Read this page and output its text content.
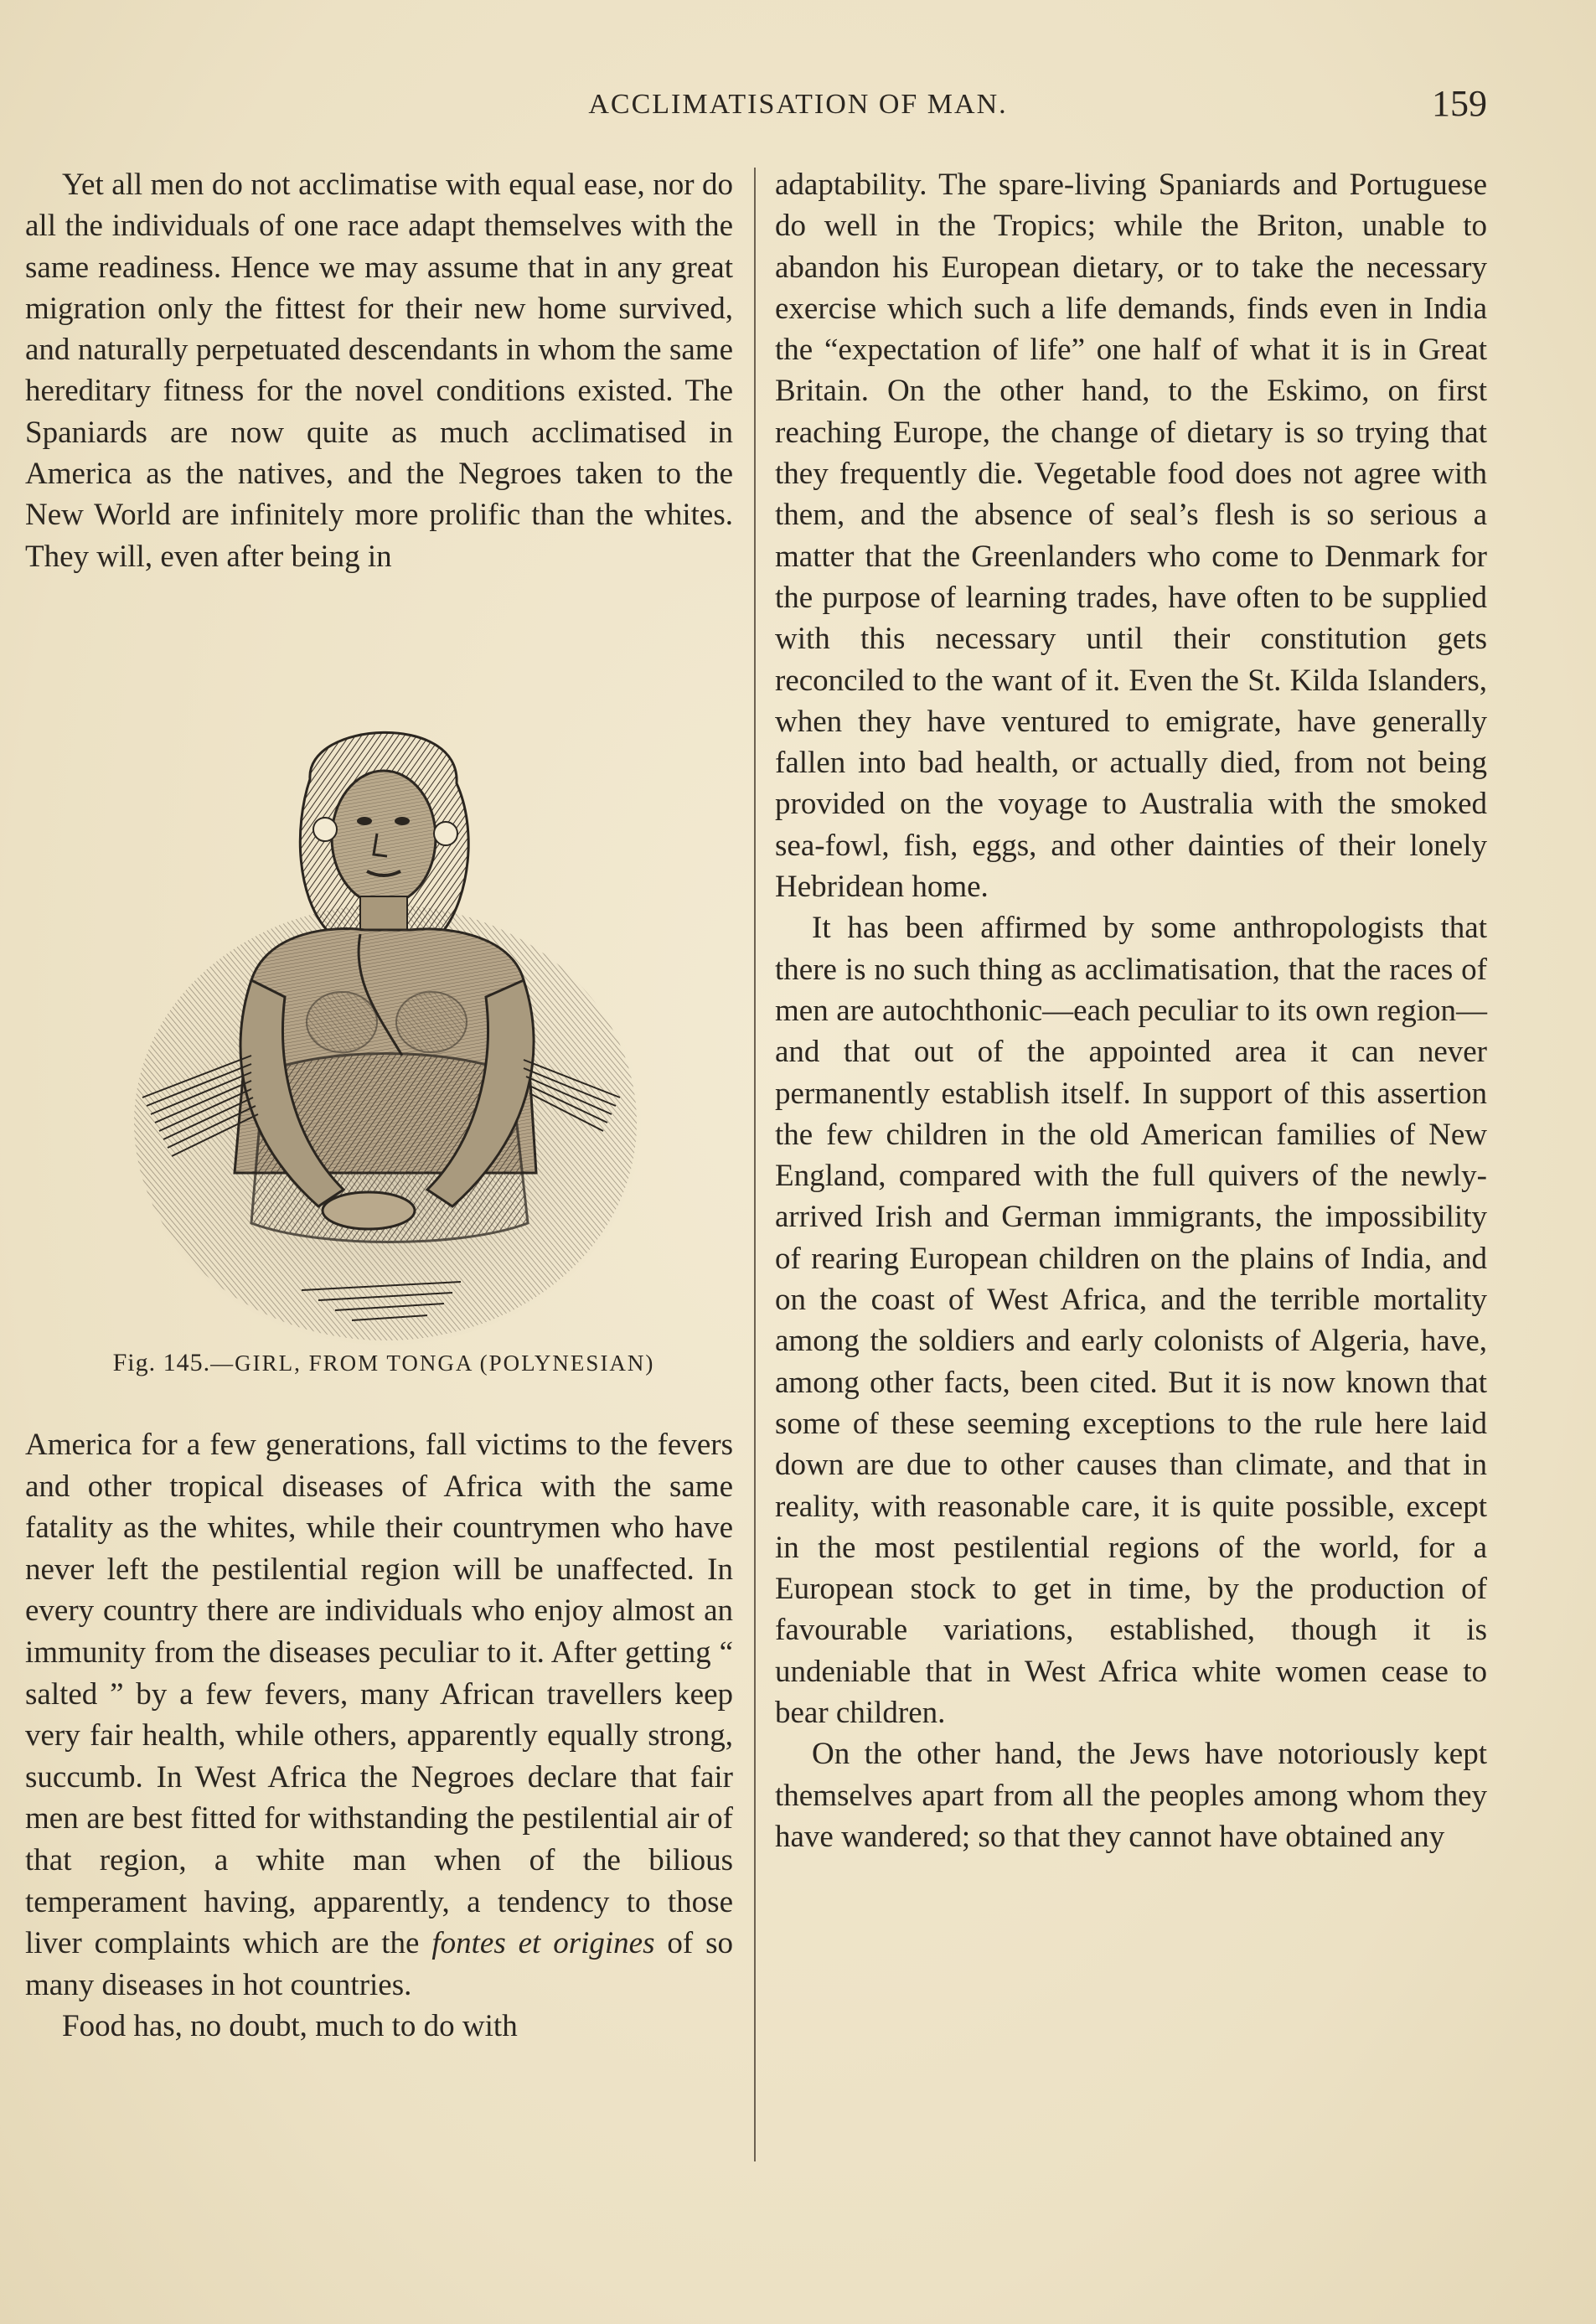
ACCLIMATISATION OF MAN.	159

Yet all men do not acclimatise with equal ease, nor do all the individuals of one race adapt themselves with the same readiness. Hence we may assume that in any great migration only the fittest for their new home survived, and naturally perpetuated descendants in whom the same hereditary fitness for the novel conditions existed. The Spaniards are now quite as much acclimatised in America as the natives, and the Negroes taken to the New World are infinitely more prolific than the whites. They will, even after being in

Fig. 145.—GIRL, FROM TONGA (POLYNESIAN)

America for a few generations, fall victims to the fevers and other tropical diseases of Africa with the same fatality as the whites, while their countrymen who have never left the pestilential region will be unaffected. In every country there are individuals who enjoy almost an immunity from the diseases peculiar to it. After getting “ salted ” by a few fevers, many African travellers keep very fair health, while others, apparently equally strong, succumb. In West Africa the Negroes declare that fair men are best fitted for withstanding the pestilential air of that region, a white man when of the bilious temperament having, apparently, a tendency to those liver complaints which are the fontes et origines of so many diseases in hot countries.

Food has, no doubt, much to do with

adaptability. The spare-living Spaniards and Portuguese do well in the Tropics; while the Briton, unable to abandon his European dietary, or to take the necessary exercise which such a life demands, finds even in India the “expectation of life” one half of what it is in Great Britain. On the other hand, to the Eskimo, on first reaching Europe, the change of dietary is so trying that they frequently die. Vegetable food does not agree with them, and the absence of seal’s flesh is so serious a matter that the Greenlanders who come to Denmark for the purpose of learning trades, have often to be supplied with this necessary until their constitution gets reconciled to the want of it. Even the St. Kilda Islanders, when they have ventured to emigrate, have generally fallen into bad health, or actually died, from not being provided on the voyage to Australia with the smoked sea-fowl, fish, eggs, and other dainties of their lonely Hebridean home.

It has been affirmed by some anthropologists that there is no such thing as acclimatisation, that the races of men are autochthonic—each peculiar to its own region—and that out of the appointed area it can never permanently establish itself. In support of this assertion the few children in the old American families of New England, compared with the full quivers of the newly-arrived Irish and German immigrants, the impossibility of rearing European children on the plains of India, and on the coast of West Africa, and the terrible mortality among the soldiers and early colonists of Algeria, have, among other facts, been cited. But it is now known that some of these seeming exceptions to the rule here laid down are due to other causes than climate, and that in reality, with reasonable care, it is quite possible, except in the most pestilential regions of the world, for a European stock to get in time, by the production of favourable variations, established, though it is undeniable that in West Africa white women cease to bear children.

On the other hand, the Jews have notoriously kept themselves apart from all the peoples among whom they have wandered; so that they cannot have obtained any
